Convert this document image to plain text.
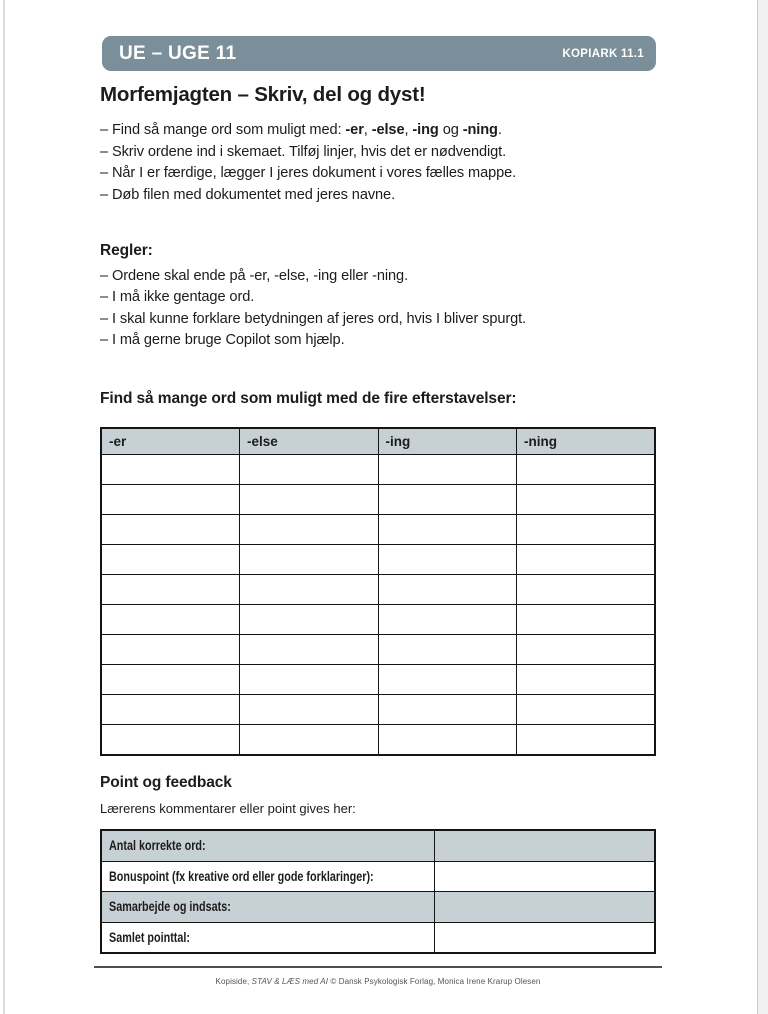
UE – UGE 11	KOPIARK 11.1
Morfemjagten – Skriv, del og dyst!
– Find så mange ord som muligt med: -er, -else, -ing og -ning.
– Skriv ordene ind i skemaet. Tilføj linjer, hvis det er nødvendigt.
– Når I er færdige, lægger I jeres dokument i vores fælles mappe.
– Døb filen med dokumentet med jeres navne.
Regler:
– Ordene skal ende på -er, -else, -ing eller -ning.
– I må ikke gentage ord.
– I skal kunne forklare betydningen af jeres ord, hvis I bliver spurgt.
– I må gerne bruge Copilot som hjælp.
Find så mange ord som muligt med de fire efterstavelser:
-er	-else	-ing	-ning

Point og feedback
Lærerens kommentarer eller point gives her:
Antal korrekte ord:	
Bonuspoint (fx kreative ord eller gode forklaringer):	
Samarbejde og indsats:	
Samlet pointtal:	
Kopiside, STAV & LÆS med AI © Dansk Psykologisk Forlag, Monica Irene Krarup Olesen
